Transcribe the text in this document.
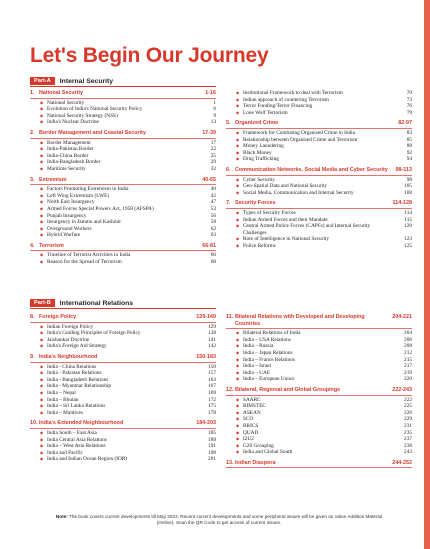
Let's Begin Our Journey
Part-A	Internal Security
1. National Security	1-16
◆ National Security	1
◆ Evolution of India's National Security Policy	6
◆ National Security Strategy (NSS)	9
◆ India's Nuclear Doctrine	13
2. Border Management and Coastal Security	17-39
◆ Border Management	17
◆ India-Pakistan Border	22
◆ India-China Border	25
◆ India-Bangladesh Border	29
◆ Maritime Security	32
3. Extremism	40-65
◆ Factors Promoting Extremism in India	40
◆ Left Wing Extremism (LWE)	42
◆ North East Insurgency	47
◆ Armed Forces Special Powers Act, 1958 (AFSPA)	53
◆ Punjab Insurgency	56
◆ Insurgency in Jammu and Kashmir	58
◆ Overground Workers	62
◆ Hybrid Warfare	63
4. Terrorism	66-81
◆ Timeline of Terrorist Activities in India	66
◆ Reason for the Spread of Terrorism	68
◆ Institutional Framework to deal with Terrorism	70
◆ Indian approach of countering Terrorism	73
◆ Terror Funding/Terror Financing	76
◆ Lone Wolf Terrorism	79
5. Organized Crime	82-97
◆ Framework for Combating Organised Crime in India	83
◆ Relationship between Organised Crime and Terrorism	85
◆ Money Laundering	88
◆ Black Money	92
◆ Drug Trafficking	94
6. Communication Networks, Social Media and Cyber Security	98-113
◆ Cyber Security	98
◆ Geo-Spatial Data and National Security	105
◆ Social Media, Communication and Internal Security	108
7. Security Forces	114-128
◆ Types of Security Forces	114
◆ Indian Armed Forces and their Mandate	115
◆ Central Armed Police Forces (CAPFs) and Internal Security Challenges
120
◆ Role of Intelligence in National Security	123
◆ Police Reforms	125
Part-B	International Relations
8. Foreign Policy	129-149
◆ Indian Foreign Policy	129
◆ India's Guiding Principles of Foreign Policy	138
◆ Jaishankar Doctrine	141
◆ India's Foreign Aid Strategy	142
9. India's Neighbourhood	150-183
◆ India - China Relations	150
◆ India - Pakistan Relations	157
◆ India - Bangladesh Relations	163
◆ India - Myanmar Relationship	167
◆ India – Nepal	169
◆ India – Bhutan	172
◆ India – Sri Lanka Relations	175
◆ India – Maldives	178
10. India's Extended Neighbourhood	184-203
◆ India South – East Asia	185
◆ India Central Asia Relations	189
◆ India – West Asia Relations	191
◆ India and Pacific	198
◆ India and Indian Ocean Region (IOR)	201
11. Bilateral Relations with Developed and Developing Countries
204-221
◆ Bilateral Relations of India	204
◆ India – USA Relations	206
◆ India – Russia	208
◆ India – Japan Relations	212
◆ India – France Relations	215
◆ India – Israel	217
◆ India – UAE	219
◆ India – European Union	220
12. Bilateral, Regional and Global Groupings	222-243
◆ SAARC	222
◆ BIMSTEC	225
◆ ASEAN	226
◆ SCO	229
◆ BRICS	231
◆ QUAD	235
◆ I2U2	237
◆ G20 Grouping	238
◆ India and Global South	243
13. Indian Diaspora	244-252
Note: The book covers current developments till May 2024. Recent current developments and some peripheral issues will be given as Value Addition Material (Online). Scan the QR Code to get access of current issues.
